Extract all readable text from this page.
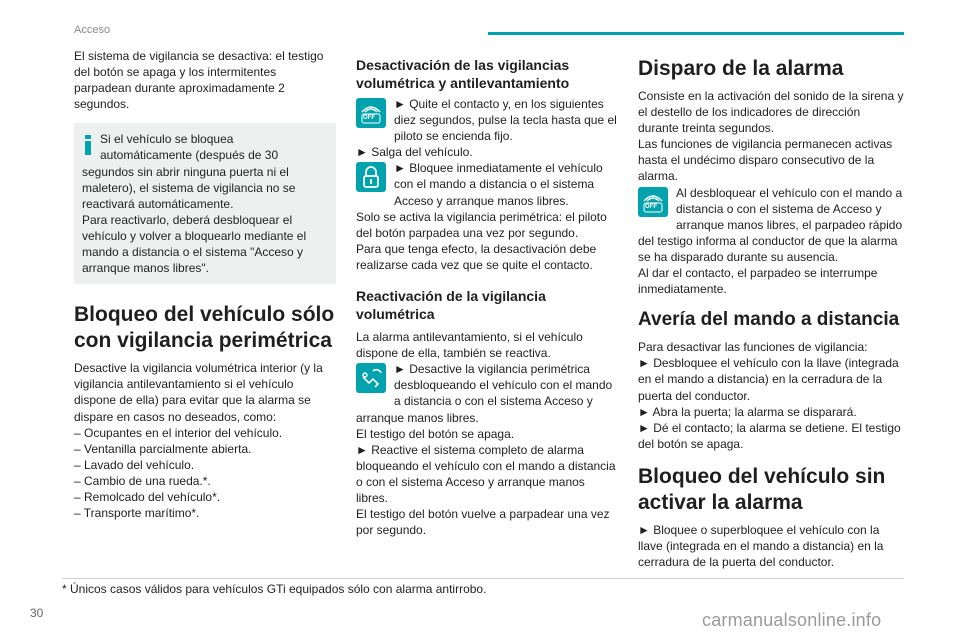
Acceso

El sistema de vigilancia se desactiva: el testigo del botón se apaga y los intermitentes parpadean durante aproximadamente 2 segundos.

Si el vehículo se bloquea

automáticamente (después de 30

segundos sin abrir ninguna puerta ni el maletero), el sistema de vigilancia no se reactivará automáticamente.

Para reactivarlo, deberá desbloquear el vehículo y volver a bloquearlo mediante el mando a distancia o el sistema "Acceso y arranque manos libres".

Bloqueo del vehículo sólo con vigilancia perimétrica

Desactive la vigilancia volumétrica interior (y la vigilancia antilevantamiento si el vehículo dispone de ella) para evitar que la alarma se dispare en casos no deseados, como:

– Ocupantes en el interior del vehículo.

– Ventanilla parcialmente abierta.

– Lavado del vehículo.

– Cambio de una rueda.*.

– Remolcado del vehículo*.

– Transporte marítimo*.

Desactivación de las vigilancias volumétrica y antilevantamiento
OFF

► Quite el contacto y, en los siguientes diez segundos, pulse la tecla hasta que el piloto se encienda fijo.

► Salga del vehículo.

► Bloquee inmediatamente el vehículo con el mando a distancia o el sistema Acceso y arranque manos libres.

Solo se activa la vigilancia perimétrica: el piloto del botón parpadea una vez por segundo.

Para que tenga efecto, la desactivación debe realizarse cada vez que se quite el contacto.

Reactivación de la vigilancia volumétrica

La alarma antilevantamiento, si el vehículo dispone de ella, también se reactiva.

► Desactive la vigilancia perimétrica desbloqueando el vehículo con el mando a distancia o con el sistema Acceso y arranque manos libres.

El testigo del botón se apaga.

► Reactive el sistema completo de alarma bloqueando el vehículo con el mando a distancia o con el sistema Acceso y arranque manos libres.

El testigo del botón vuelve a parpadear una vez por segundo.

Disparo de la alarma

Consiste en la activación del sonido de la sirena y el destello de los indicadores de dirección durante treinta segundos.

Las funciones de vigilancia permanecen activas hasta el undécimo disparo consecutivo de la alarma.

OFF

Al desbloquear el vehículo con el mando a distancia o con el sistema de Acceso y arranque manos libres, el parpadeo rápido del testigo informa al conductor de que la alarma se ha disparado durante su ausencia.

Al dar el contacto, el parpadeo se interrumpe inmediatamente.

Avería del mando a distancia

Para desactivar las funciones de vigilancia:

► Desbloquee el vehículo con la llave (integrada en el mando a distancia) en la cerradura de la puerta del conductor.

► Abra la puerta; la alarma se disparará.

► Dé el contacto; la alarma se detiene. El testigo del botón se apaga.

Bloqueo del vehículo sin activar la alarma

► Bloquee o superbloquee el vehículo con la llave (integrada en el mando a distancia) en la cerradura de la puerta del conductor.

* Únicos casos válidos para vehículos GTi equipados sólo con alarma antirrobo.
30	carmanualsonline.info
